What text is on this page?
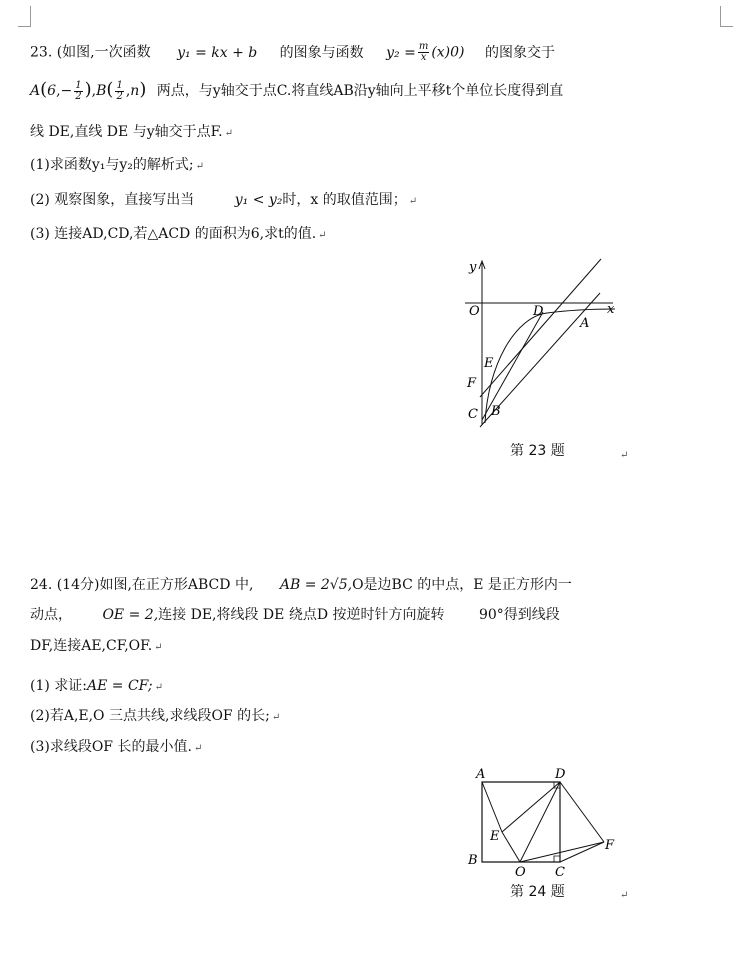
23. (如图,一次函数 y₁ = kx + b 的图象与函数 $y_2 = \frac{m}{x} (x)0$) 的图象交于
$A(6,- \frac{1}{2} ),B( \frac{1}{2} ,n)$ 两点，与y轴交于点C.将直线AB沿y轴向上平移t个单位长度得到直
线 DE,直线 DE 与y轴交于点F. ↵
(1)求函数y₁与y₂的解析式; ↵
(2) 观察图象，直接写出当	y₁ < y₂时，x 的取值范围； ↵
(3) 连接AD,CD,若△ACD 的面积为6,求t的值. ↵
y
x
O	D
A
E
F
C B
第 23 题	↵
24. (14分)如图,在正方形ABCD 中, AB = 2√5,O是边BC 的中点，E 是正方形内一
动点， OE = 2,连接 DE,将线段 DE 绕点D 按逆时针方向旋转 90°得到线段
DF,连接AE,CF,OF. ↵
(1) 求证:AE = CF; ↵
(2)若A,E,O 三点共线,求线段OF 的长; ↵
(3)求线段OF 长的最小值. ↵
A	D
E
B
O C
F
第 24 题	↵
